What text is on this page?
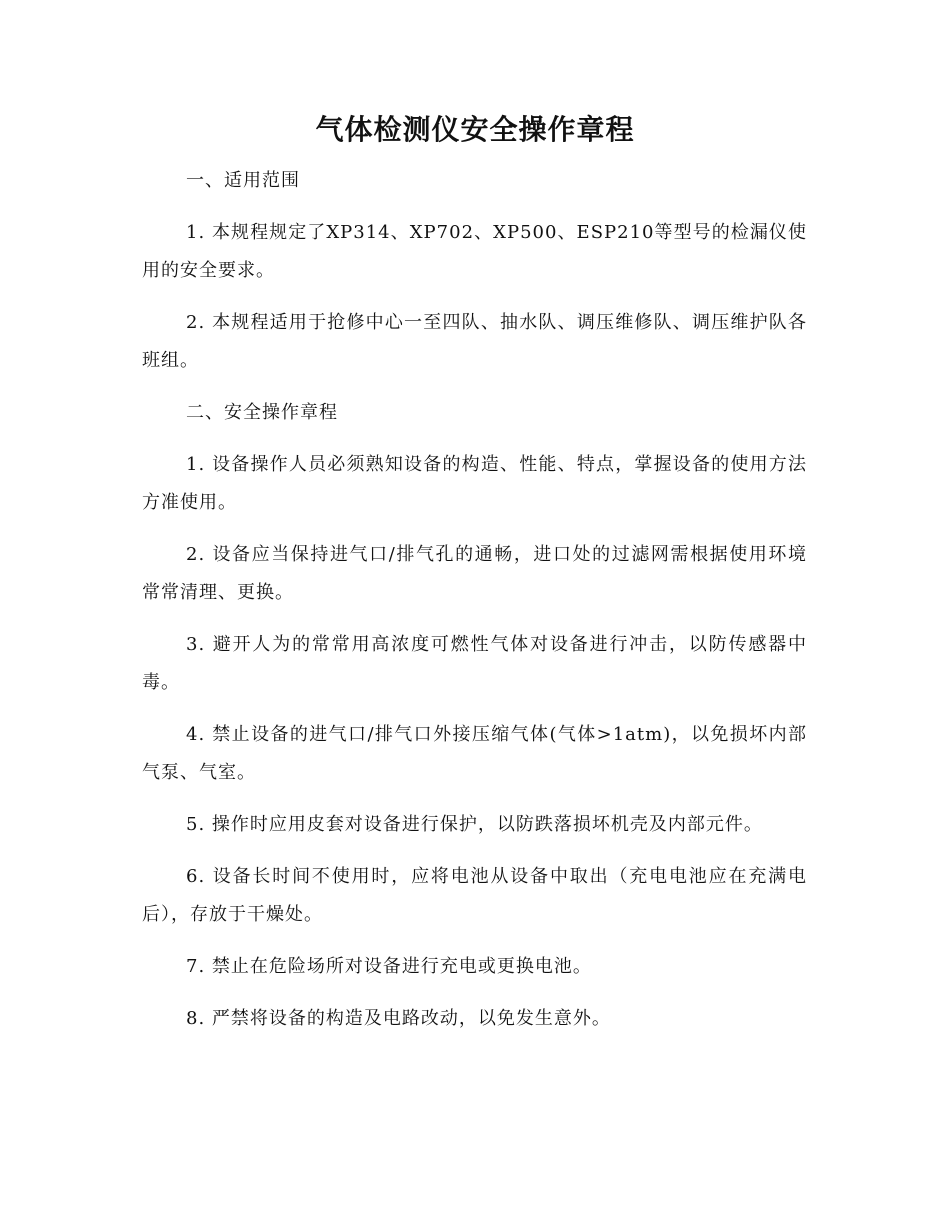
气体检测仪安全操作章程

一、适用范围

1. 本规程规定了XP314、XP702、XP500、ESP210等型号的检漏仪使用的安全要求。

2. 本规程适用于抢修中心一至四队、抽水队、调压维修队、调压维护队各班组。

二、安全操作章程

1. 设备操作人员必须熟知设备的构造、性能、特点，掌握设备的使用方法方准使用。

2. 设备应当保持进气口/排气孔的通畅，进口处的过滤网需根据使用环境常常清理、更换。

3. 避开人为的常常用高浓度可燃性气体对设备进行冲击，以防传感器中毒。

4. 禁止设备的进气口/排气口外接压缩气体(气体>1atm)，以免损坏内部气泵、气室。

5. 操作时应用皮套对设备进行保护，以防跌落损坏机壳及内部元件。

6. 设备长时间不使用时，应将电池从设备中取出（充电电池应在充满电后），存放于干燥处。

7. 禁止在危险场所对设备进行充电或更换电池。

8. 严禁将设备的构造及电路改动，以免发生意外。
